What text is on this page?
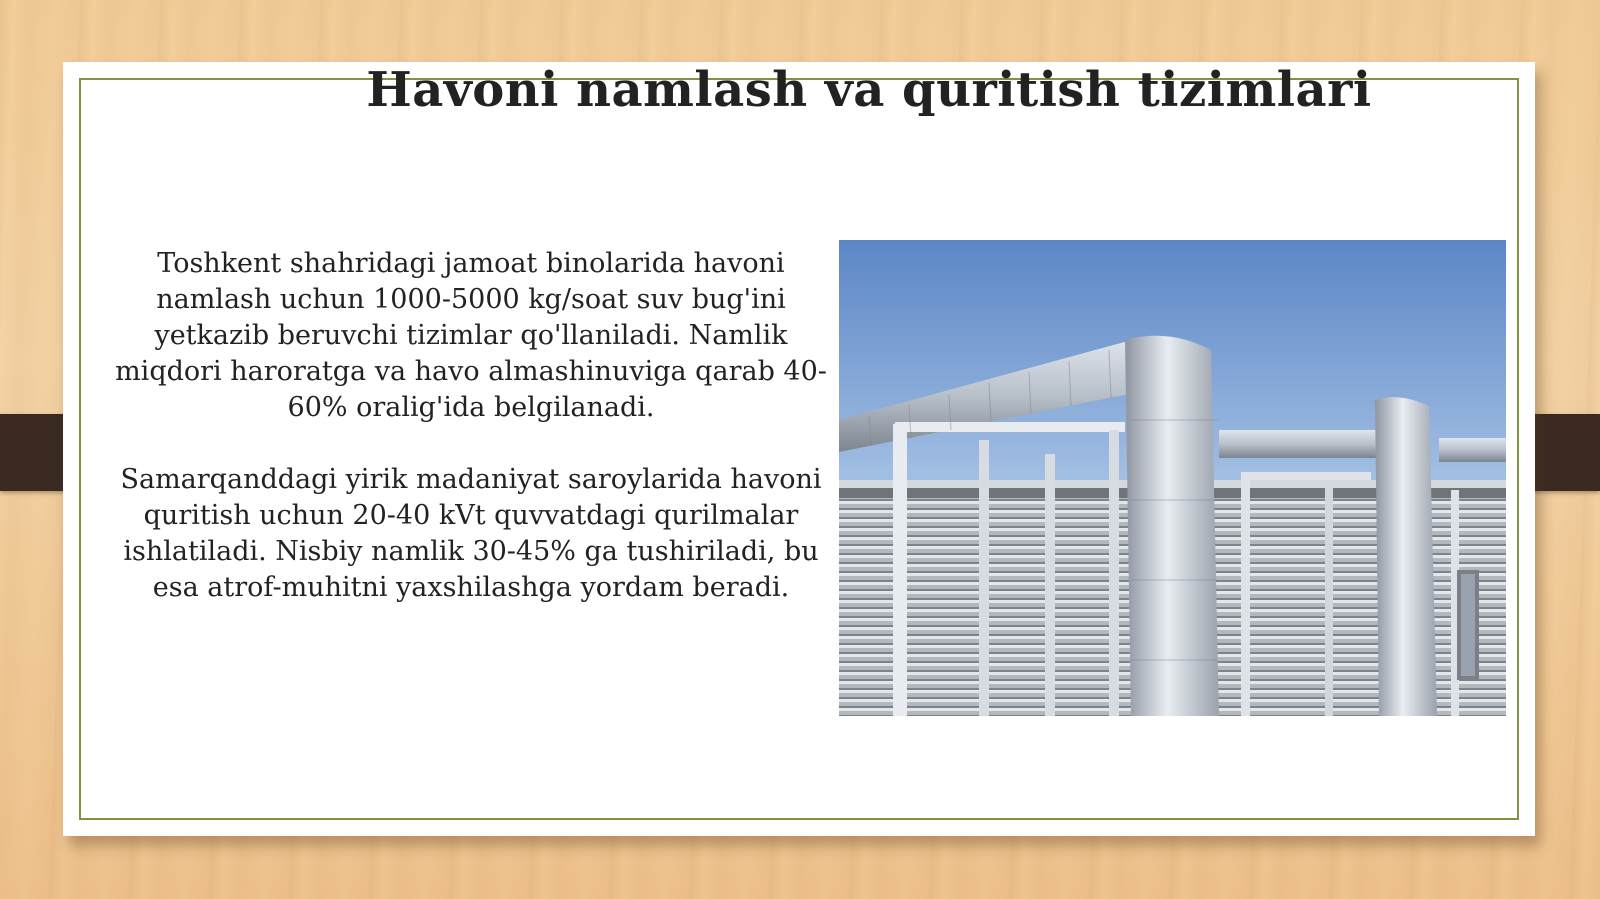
Havoni namlash va quritish tizimlari

Toshkent shahridagi jamoat binolarida havoni namlash uchun 1000-5000 kg/soat suv bug'ini yetkazib beruvchi tizimlar qo'llaniladi. Namlik miqdori haroratga va havo almashinuviga qarab 40-60% oralig'ida belgilanadi.

Samarqanddagi yirik madaniyat saroylarida havoni quritish uchun 20-40 kVt quvvatdagi qurilmalar ishlatiladi. Nisbiy namlik 30-45% ga tushiriladi, bu esa atrof-muhitni yaxshilashga yordam beradi.
